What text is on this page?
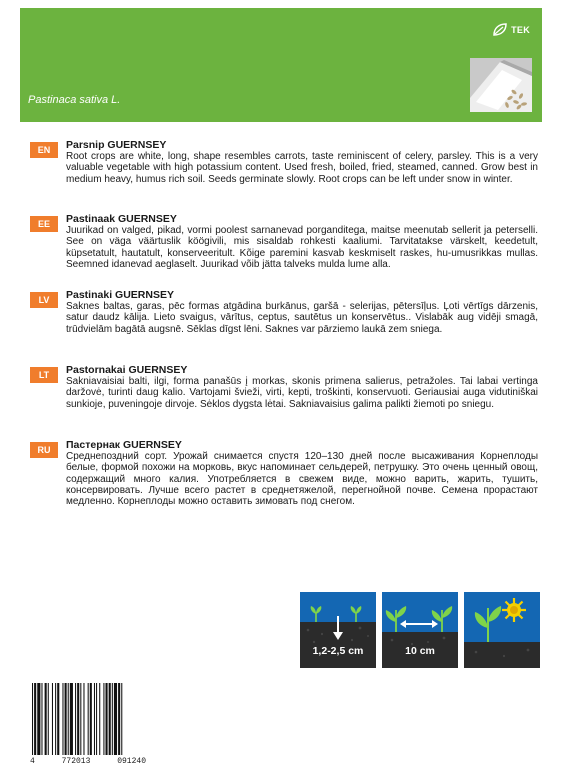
TEK
Pastinaca sativa L.
EN	Parsnip GUERNSEY
Root crops are white, long, shape resembles carrots, taste reminiscent of celery, parsley. This is a very valuable vegetable with high potassium content. Used fresh, boiled, fried, steamed, canned. Grow best in medium heavy, humus rich soil. Seeds germinate slowly. Root crops can be left under snow in winter.
EE	Pastinaak GUERNSEY
Juurikad on valged, pikad, vormi poolest sarnanevad porganditega, maitse meenutab sellerit ja peterselli. See on väga väärtuslik köögivili, mis sisaldab rohkesti kaaliumi. Tarvitatakse värskelt, keedetult, küpsetatult, hautatult, konserveeritult. Kõige paremini kasvab keskmiselt raskes, hu-umusrikkas mullas. Seemned idanevad aeglaselt. Juurikad võib jätta talveks mulda lume alla.
LV	Pastinaki GUERNSEY
Saknes baltas, garas, pēc formas atgādina burkānus, garšā - selerijas, pētersīļus. Ļoti vērtīgs dārzenis, satur daudz kālija. Lieto svaigus, vārītus, ceptus, sautētus un konservētus.. Vislabāk aug vidēji smagā, trūdvielām bagātā augsnē. Sēklas dīgst lēni. Saknes var pārziemo laukā zem sniega.
LT	Pastornakai GUERNSEY
Sakniavaisiai balti, ilgi, forma panašūs į morkas, skonis primena salierus, petražoles. Tai labai vertinga daržovė, turinti daug kalio. Vartojami švieži, virti, kepti, troškinti, konservuoti. Geriausiai auga vidutiniškai sunkioje, puveningoje dirvoje. Sėklos dygsta lėtai. Sakniavaisius galima palikti žiemoti po sniegu.
RU	Пастернак GUERNSEY
Среднепоздний сорт. Урожай снимается спустя 120–130 дней после высаживания Корнеплоды белые, формой похожи на морковь, вкус напоминает сельдерей, петрушку. Это очень ценный овощ, содержащий много калия. Употребляется в свежем виде, можно варить, жарить, тушить, консервировать. Лучше всего растет в среднетяжелой, перегнойной почве. Семена прорастают медленно. Корнеплоды можно оставить зимовать под снегом.
1,2-2,5 cm	10 cm
4	772013	091240
